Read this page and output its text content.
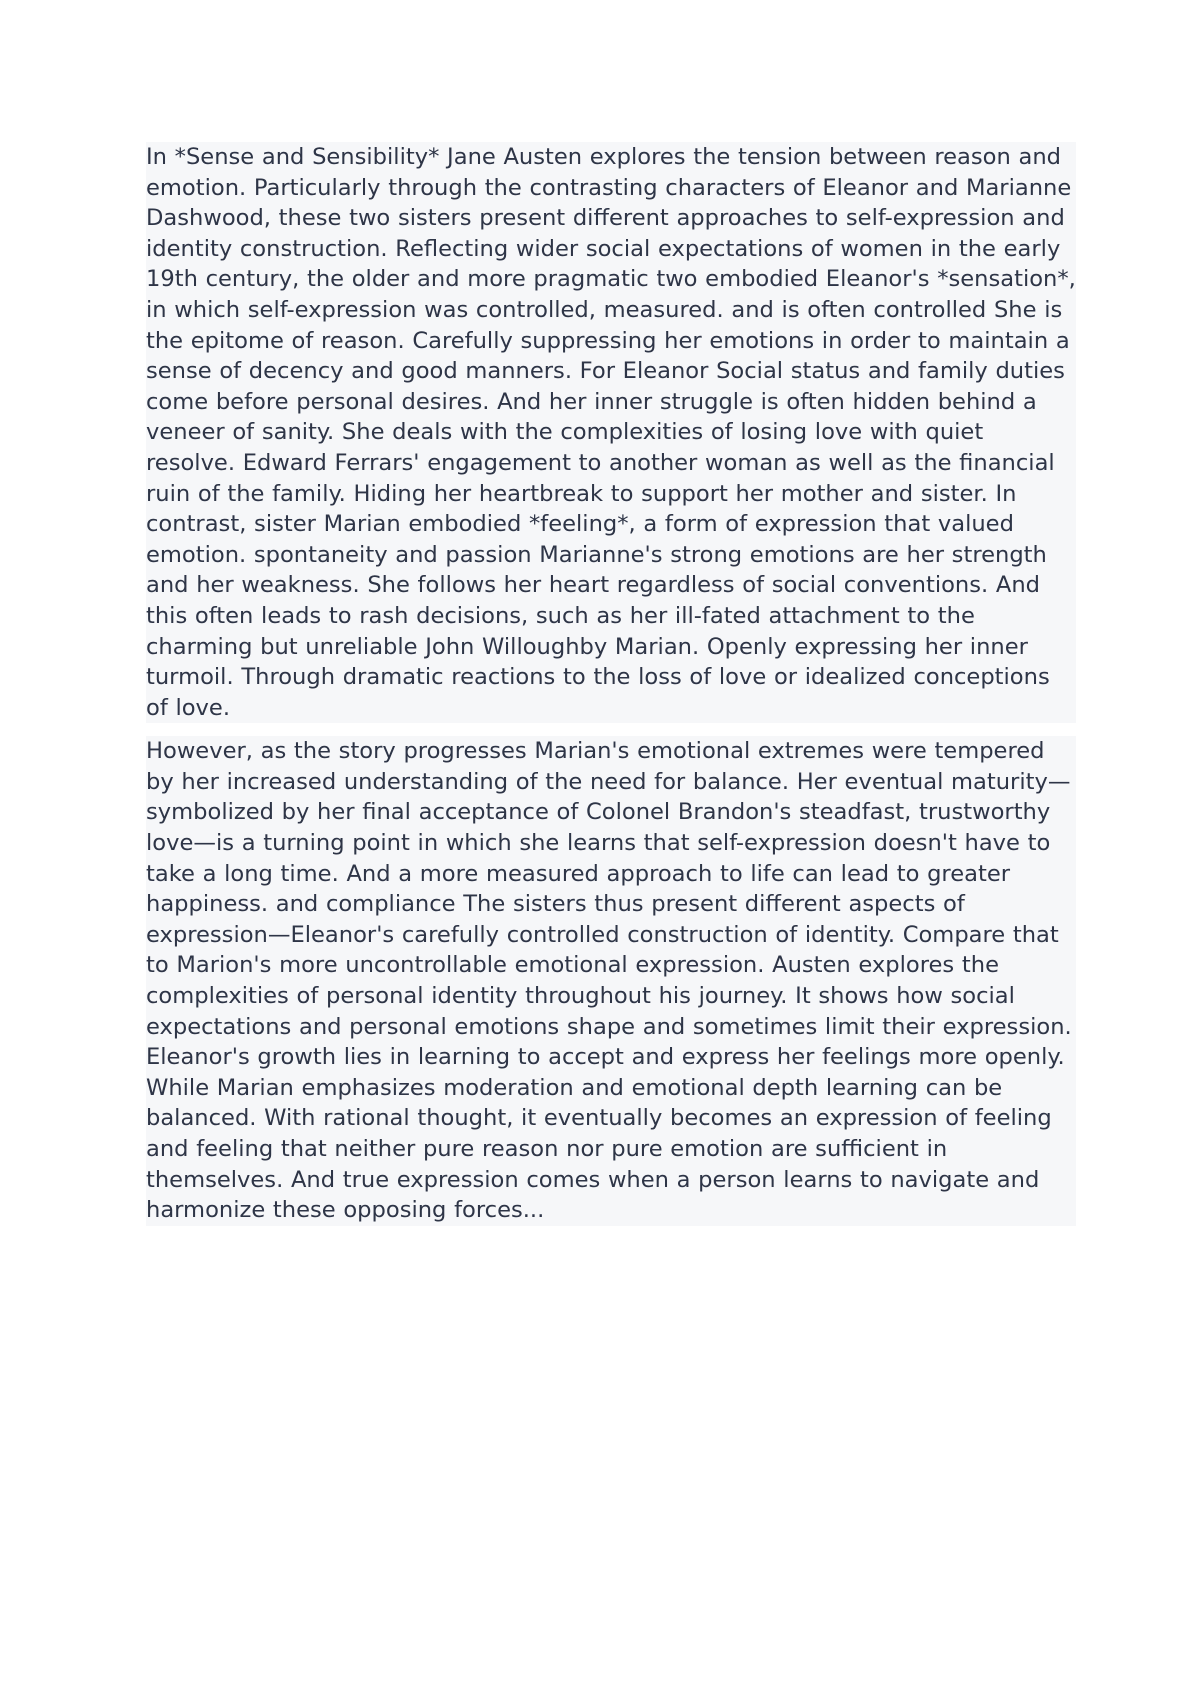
In *Sense and Sensibility* Jane Austen explores the tension between reason and emotion. Particularly through the contrasting characters of Eleanor and Marianne Dashwood, these two sisters present different approaches to self-expression and identity construction. Reflecting wider social expectations of women in the early 19th century, the older and more pragmatic two embodied Eleanor's *sensation*, in which self-expression was controlled, measured. and is often controlled She is the epitome of reason. Carefully suppressing her emotions in order to maintain a sense of decency and good manners. For Eleanor Social status and family duties come before personal desires. And her inner struggle is often hidden behind a veneer of sanity. She deals with the complexities of losing love with quiet resolve. Edward Ferrars' engagement to another woman as well as the financial ruin of the family. Hiding her heartbreak to support her mother and sister. In contrast, sister Marian embodied *feeling*, a form of expression that valued emotion. spontaneity and passion Marianne's strong emotions are her strength and her weakness. She follows her heart regardless of social conventions. And this often leads to rash decisions, such as her ill-fated attachment to the charming but unreliable John Willoughby Marian. Openly expressing her inner turmoil. Through dramatic reactions to the loss of love or idealized conceptions of love.

However, as the story progresses Marian's emotional extremes were tempered by her increased understanding of the need for balance. Her eventual maturity—symbolized by her final acceptance of Colonel Brandon's steadfast, trustworthy love—is a turning point in which she learns that self-expression doesn't have to take a long time. And a more measured approach to life can lead to greater happiness. and compliance The sisters thus present different aspects of expression—Eleanor's carefully controlled construction of identity. Compare that to Marion's more uncontrollable emotional expression. Austen explores the complexities of personal identity throughout his journey. It shows how social expectations and personal emotions shape and sometimes limit their expression. Eleanor's growth lies in learning to accept and express her feelings more openly. While Marian emphasizes moderation and emotional depth learning can be balanced. With rational thought, it eventually becomes an expression of feeling and feeling that neither pure reason nor pure emotion are sufficient in themselves. And true expression comes when a person learns to navigate and harmonize these opposing forces...
